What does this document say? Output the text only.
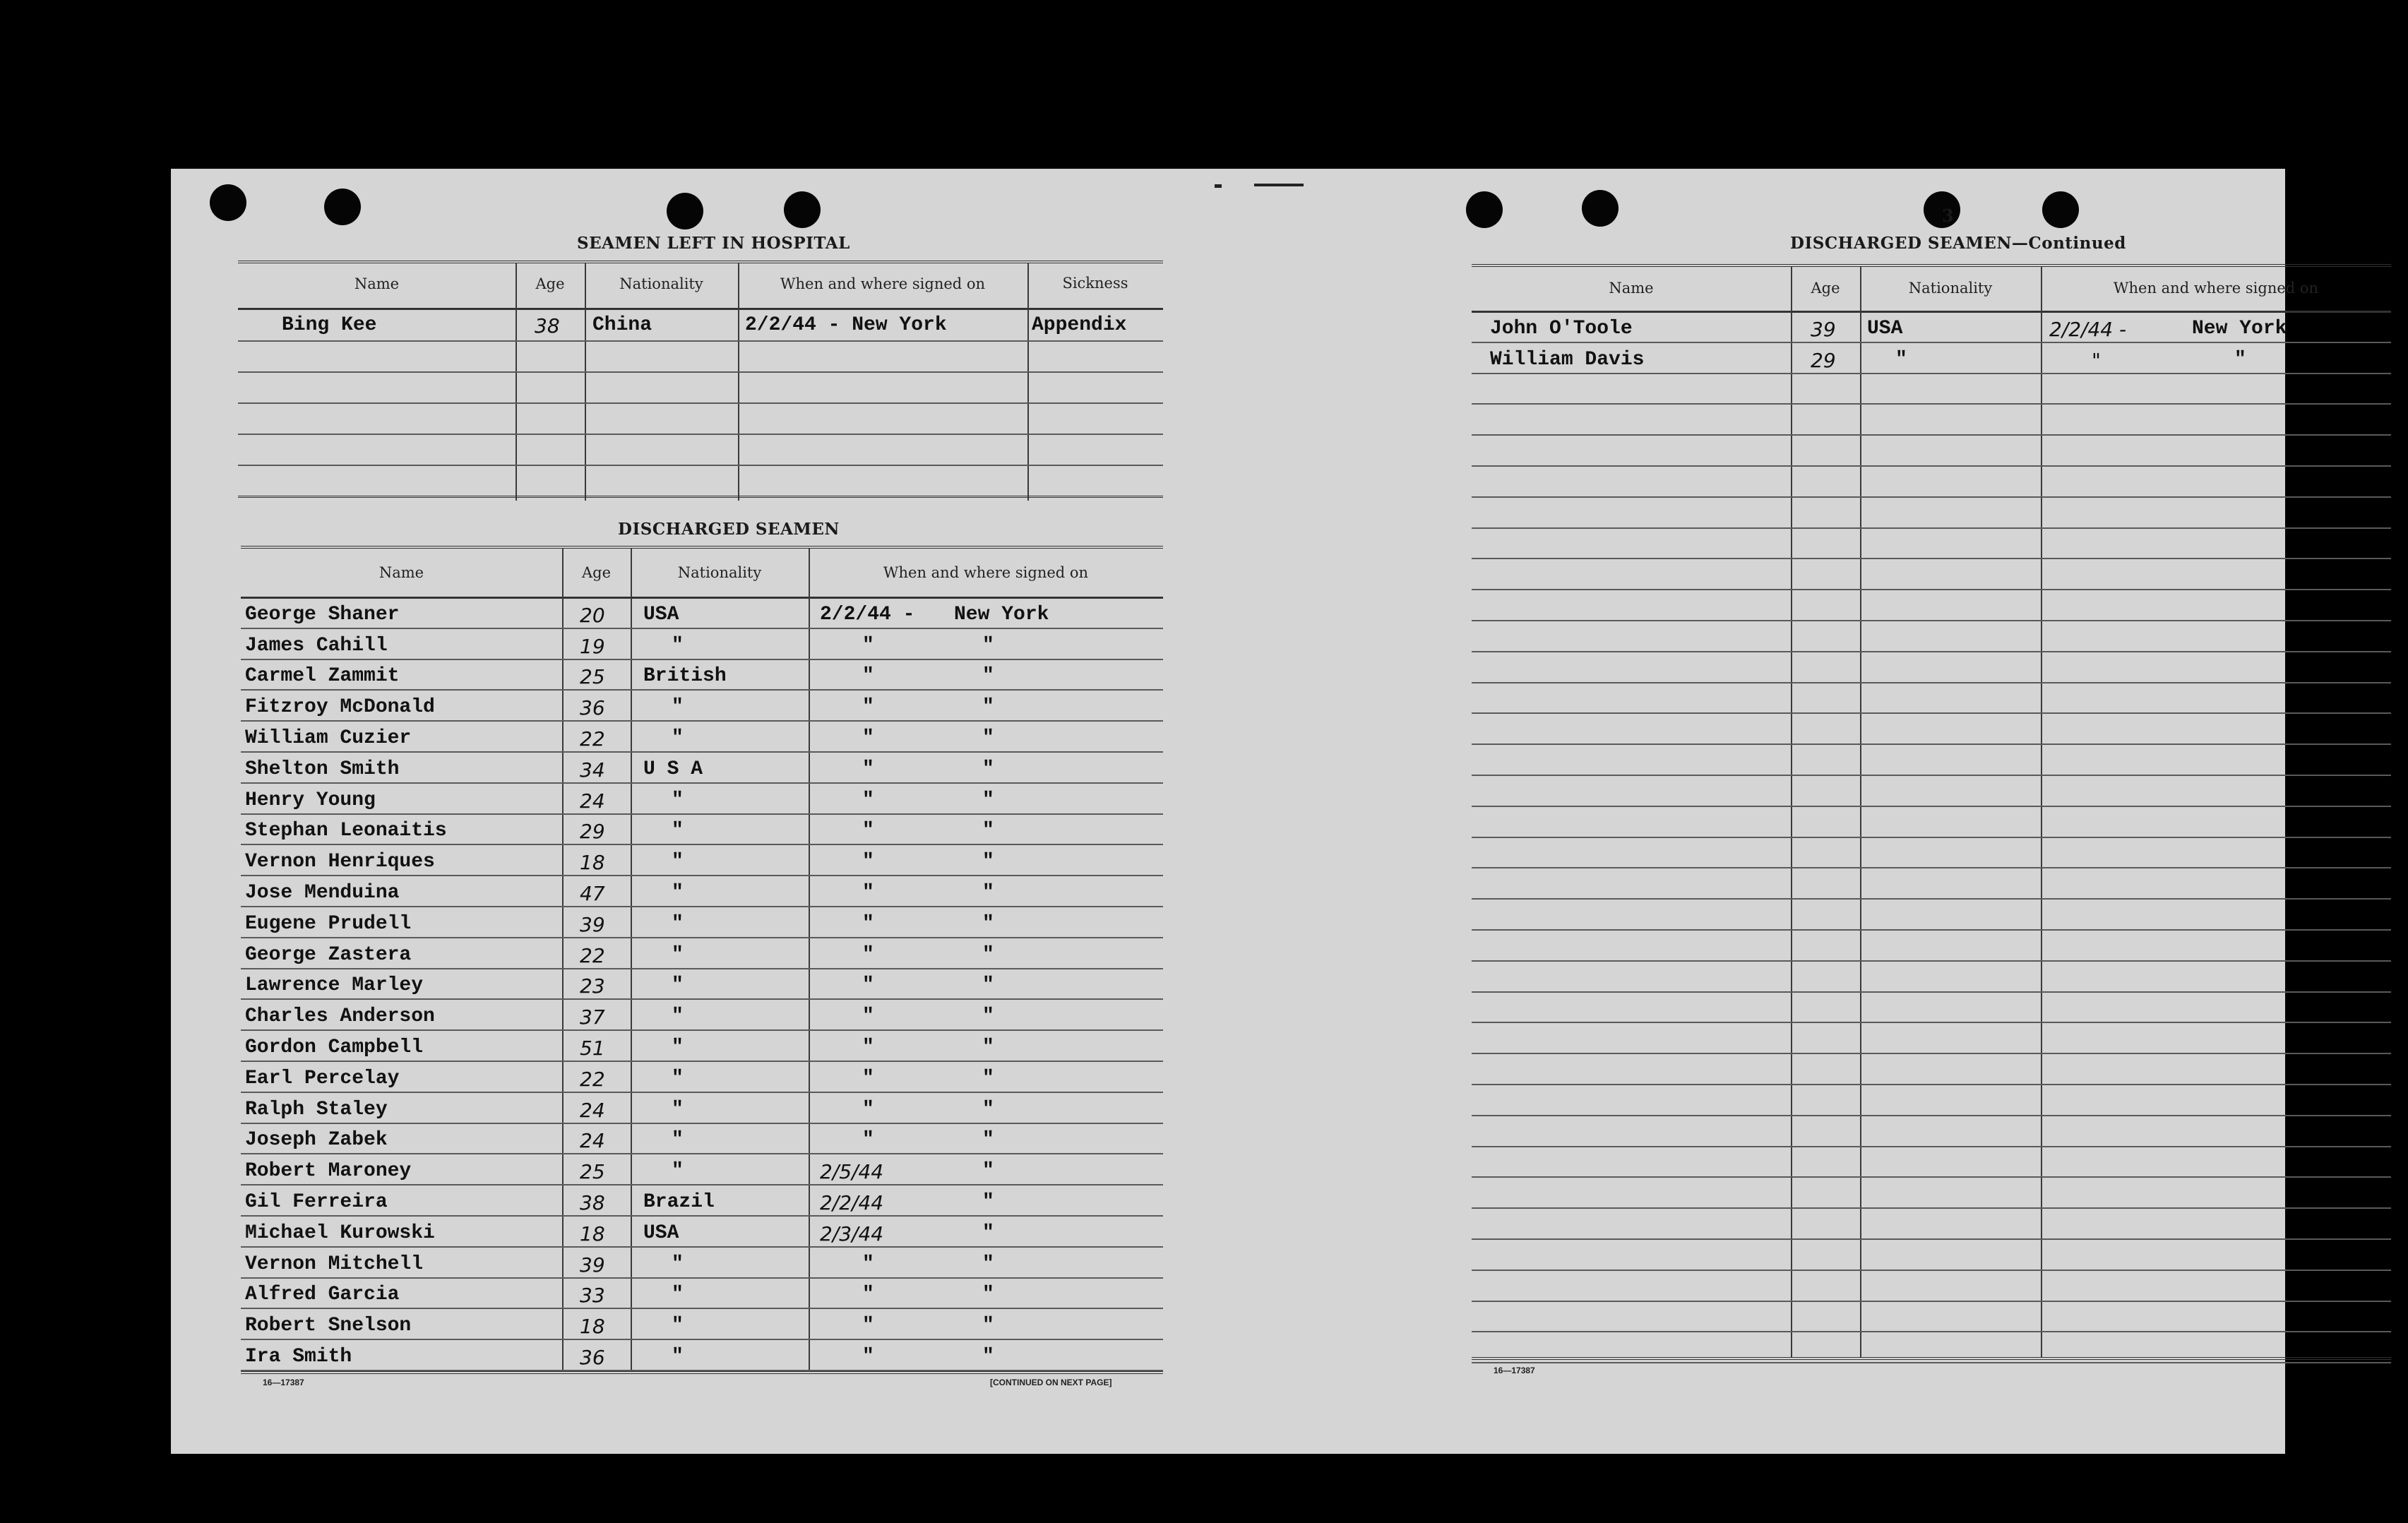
SEAMEN LEFT IN HOSPITAL
Name	Age	Nationality	When and where signed on	Sickness
Bing Kee	38 China	2/2/44 - New York	Appendix
DISCHARGED SEAMEN
Name	Age	Nationality	When and where signed on
George Shaner	20 USA	2/2/44 - New York
James Cahill	19	"	"	"
Carmel Zammit	25 British	"	"
Fitzroy McDonald	36	"	"	"
William Cuzier	22	"	"	"
Shelton Smith	34 U S A	"	"
Henry Young	24	"	"	"
Stephan Leonaitis	29	"	"	"
Vernon Henriques	18	"	"	"
Jose Menduina	47	"	"	"
Eugene Prudell	39	"	"	"
George Zastera	22	"	"	"
Lawrence Marley	23	"	"	"
Charles Anderson	37	"	"	"
Gordon Campbell	51	"	"	"
Earl Percelay	22	"	"	"
Ralph Staley	24	"	"	"
Joseph Zabek	24	"	"	"
Robert Maroney	25	"	2/5/44	"
Gil Ferreira	38 Brazil	2/2/44	"
Michael Kurowski	18 USA	2/3/44	"
Vernon Mitchell	39	"	"	"
Alfred Garcia	33	"	"	"
Robert Snelson	18	"	"	"
Ira Smith	36	"	"	"
16—17387	[CONTINUED ON NEXT PAGE]
3
DISCHARGED SEAMEN—Continued
Name	Age	Nationality	When and where signed on
John O'Toole	39 USA	2/2/44 -	New York
William Davis	29	"	"	"
16—17387
